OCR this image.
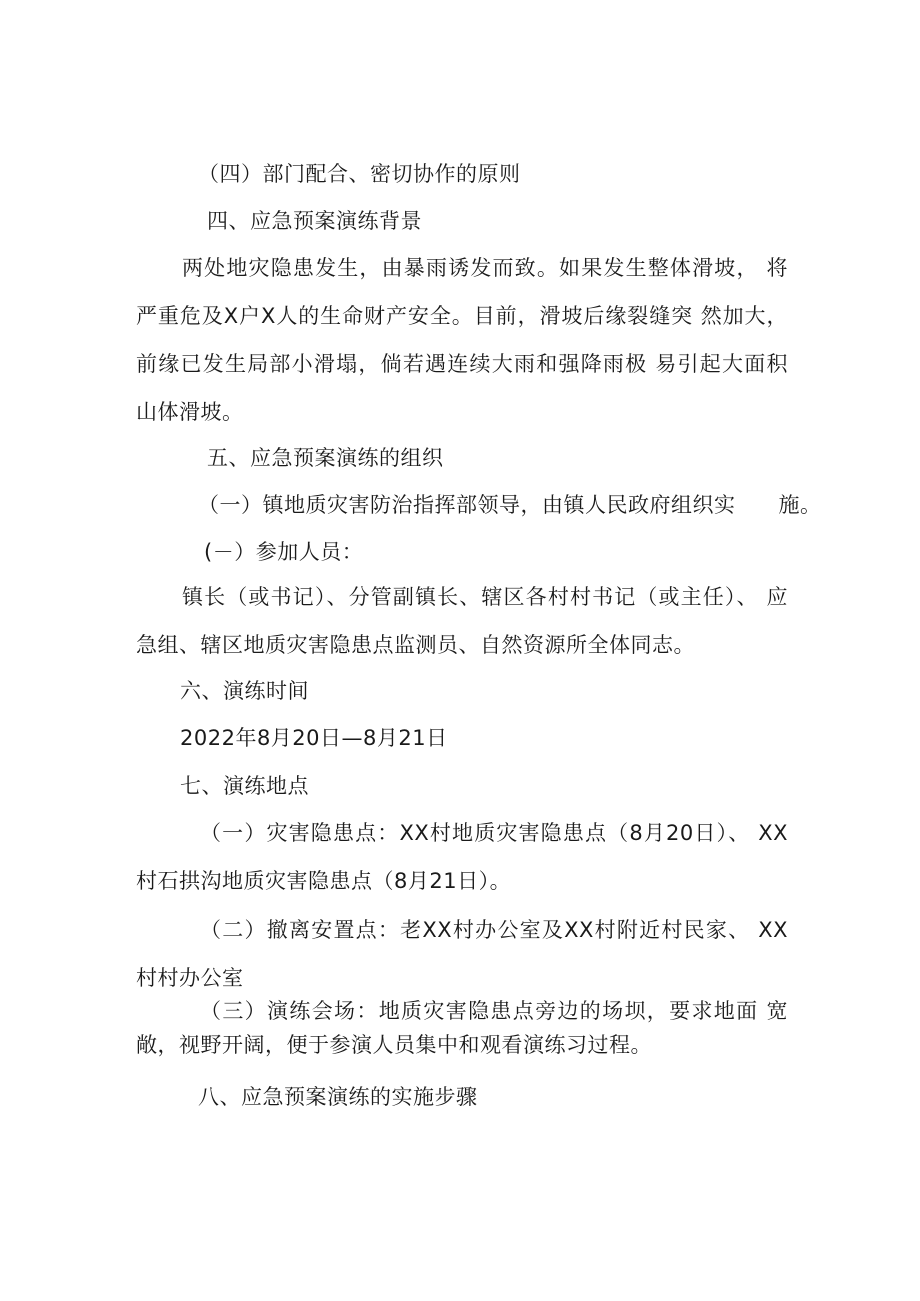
（四）部门配合、密切协作的原则
四、应急预案演练背景
两处地灾隐患发生，由暴雨诱发而致。如果发生整体滑坡， 将严重危及X户X人的生命财产安全。目前，滑坡后缘裂缝突 然加大，前缘已发生局部小滑塌，倘若遇连续大雨和强降雨极 易引起大面积山体滑坡。
五、应急预案演练的组织
（一）镇地质灾害防治指挥部领导，由镇人民政府组织实　　施。
(－）参加人员：
镇长（或书记）、分管副镇长、辖区各村村书记（或主任）、 应急组、辖区地质灾害隐患点监测员、自然资源所全体同志。
六、演练时间
2022年8月20日—8月21日
七、演练地点
（一）灾害隐患点：XX村地质灾害隐患点（8月20日）、 XX村石拱沟地质灾害隐患点（8月21日）。
（二）撤离安置点：老XX村办公室及XX村附近村民家、 XX村村办公室
（三）演练会场：地质灾害隐患点旁边的场坝，要求地面 宽敞，视野开阔，便于参演人员集中和观看演练习过程。
八、应急预案演练的实施步骤
